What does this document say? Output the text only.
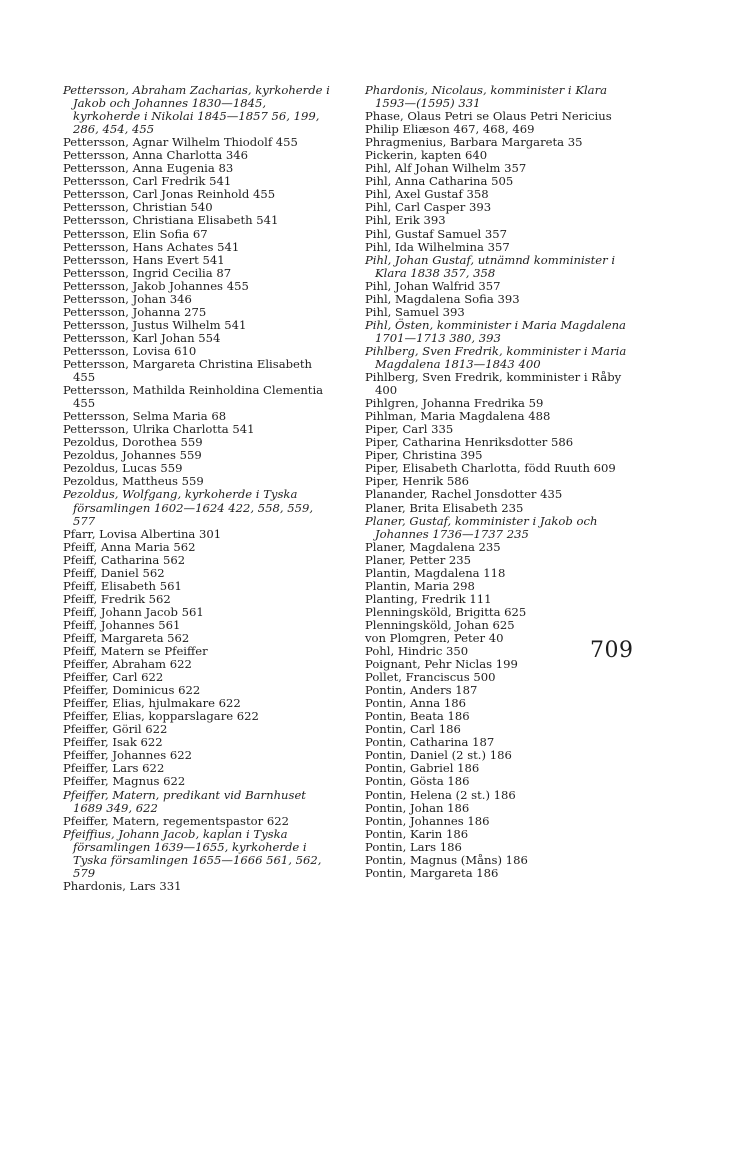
Pettersson, Abraham Zacharias, kyrkoherde i Jakob och Johannes 1830—1845, kyrkoherde i Nikolai 1845—1857 56, 199, 286, 454, 455

Pettersson, Agnar Wilhelm Thiodolf 455

Pettersson, Anna Charlotta 346

Pettersson, Anna Eugenia 83

Pettersson, Carl Fredrik 541

Pettersson, Carl Jonas Reinhold 455

Pettersson, Christian 540

Pettersson, Christiana Elisabeth 541

Pettersson, Elin Sofia 67

Pettersson, Hans Achates 541

Pettersson, Hans Evert 541

Pettersson, Ingrid Cecilia 87

Pettersson, Jakob Johannes 455

Pettersson, Johan 346

Pettersson, Johanna 275

Pettersson, Justus Wilhelm 541

Pettersson, Karl Johan 554

Pettersson, Lovisa 610

Pettersson, Margareta Christina Elisabeth 455

Pettersson, Mathilda Reinholdina Clementia 455

Pettersson, Selma Maria 68

Pettersson, Ulrika Charlotta 541

Pezoldus, Dorothea 559

Pezoldus, Johannes 559

Pezoldus, Lucas 559

Pezoldus, Mattheus 559

Pezoldus, Wolfgang, kyrkoherde i Tyska församlingen 1602—1624 422, 558, 559, 577

Pfarr, Lovisa Albertina 301

Pfeiff, Anna Maria 562

Pfeiff, Catharina 562

Pfeiff, Daniel 562

Pfeiff, Elisabeth 561

Pfeiff, Fredrik 562

Pfeiff, Johann Jacob 561

Pfeiff, Johannes 561

Pfeiff, Margareta 562

Pfeiff, Matern se Pfeiffer

Pfeiffer, Abraham 622

Pfeiffer, Carl 622

Pfeiffer, Dominicus 622

Pfeiffer, Elias, hjulmakare 622

Pfeiffer, Elias, kopparslagare 622

Pfeiffer, Göril 622

Pfeiffer, Isak 622

Pfeiffer, Johannes 622

Pfeiffer, Lars 622

Pfeiffer, Magnus 622

Pfeiffer, Matern, predikant vid Barnhuset 1689 349, 622

Pfeiffer, Matern, regementspastor 622

Pfeiffius, Johann Jacob, kaplan i Tyska församlingen 1639—1655, kyrkoherde i Tyska församlingen 1655—1666 561, 562, 579

Phardonis, Lars 331

Phardonis, Nicolaus, komminister i Klara 1593—(1595) 331

Phase, Olaus Petri se Olaus Petri Nericius

Philip Eliæson 467, 468, 469

Phragmenius, Barbara Margareta 35

Pickerin, kapten 640

Pihl, Alf Johan Wilhelm 357

Pihl, Anna Catharina 505

Pihl, Axel Gustaf 358

Pihl, Carl Casper 393

Pihl, Erik 393

Pihl, Gustaf Samuel 357

Pihl, Ida Wilhelmina 357

Pihl, Johan Gustaf, utnämnd komminister i Klara 1838 357, 358

Pihl, Johan Walfrid 357

Pihl, Magdalena Sofia 393

Pihl, Samuel 393

Pihl, Östen, komminister i Maria Magdalena 1701—1713 380, 393

Pihlberg, Sven Fredrik, komminister i Maria Magdalena 1813—1843 400

Pihlberg, Sven Fredrik, komminister i Råby 400

Pihlgren, Johanna Fredrika 59

Pihlman, Maria Magdalena 488

Piper, Carl 335

Piper, Catharina Henriksdotter 586

Piper, Christina 395

Piper, Elisabeth Charlotta, född Ruuth 609

Piper, Henrik 586

Planander, Rachel Jonsdotter 435

Planer, Brita Elisabeth 235

Planer, Gustaf, komminister i Jakob och Johannes 1736—1737 235

Planer, Magdalena 235

Planer, Petter 235

Plantin, Magdalena 118

Plantin, Maria 298

Planting, Fredrik 111

Plenningsköld, Brigitta 625

Plenningsköld, Johan 625

von Plomgren, Peter 40

Pohl, Hindric 350

Poignant, Pehr Niclas 199

Pollet, Franciscus 500

Pontin, Anders 187

Pontin, Anna 186

Pontin, Beata 186

Pontin, Carl 186

Pontin, Catharina 187

Pontin, Daniel (2 st.) 186

Pontin, Gabriel 186

Pontin, Gösta 186

Pontin, Helena (2 st.) 186

Pontin, Johan 186

Pontin, Johannes 186

Pontin, Karin 186

Pontin, Lars 186

Pontin, Magnus (Måns) 186

Pontin, Margareta 186

709
